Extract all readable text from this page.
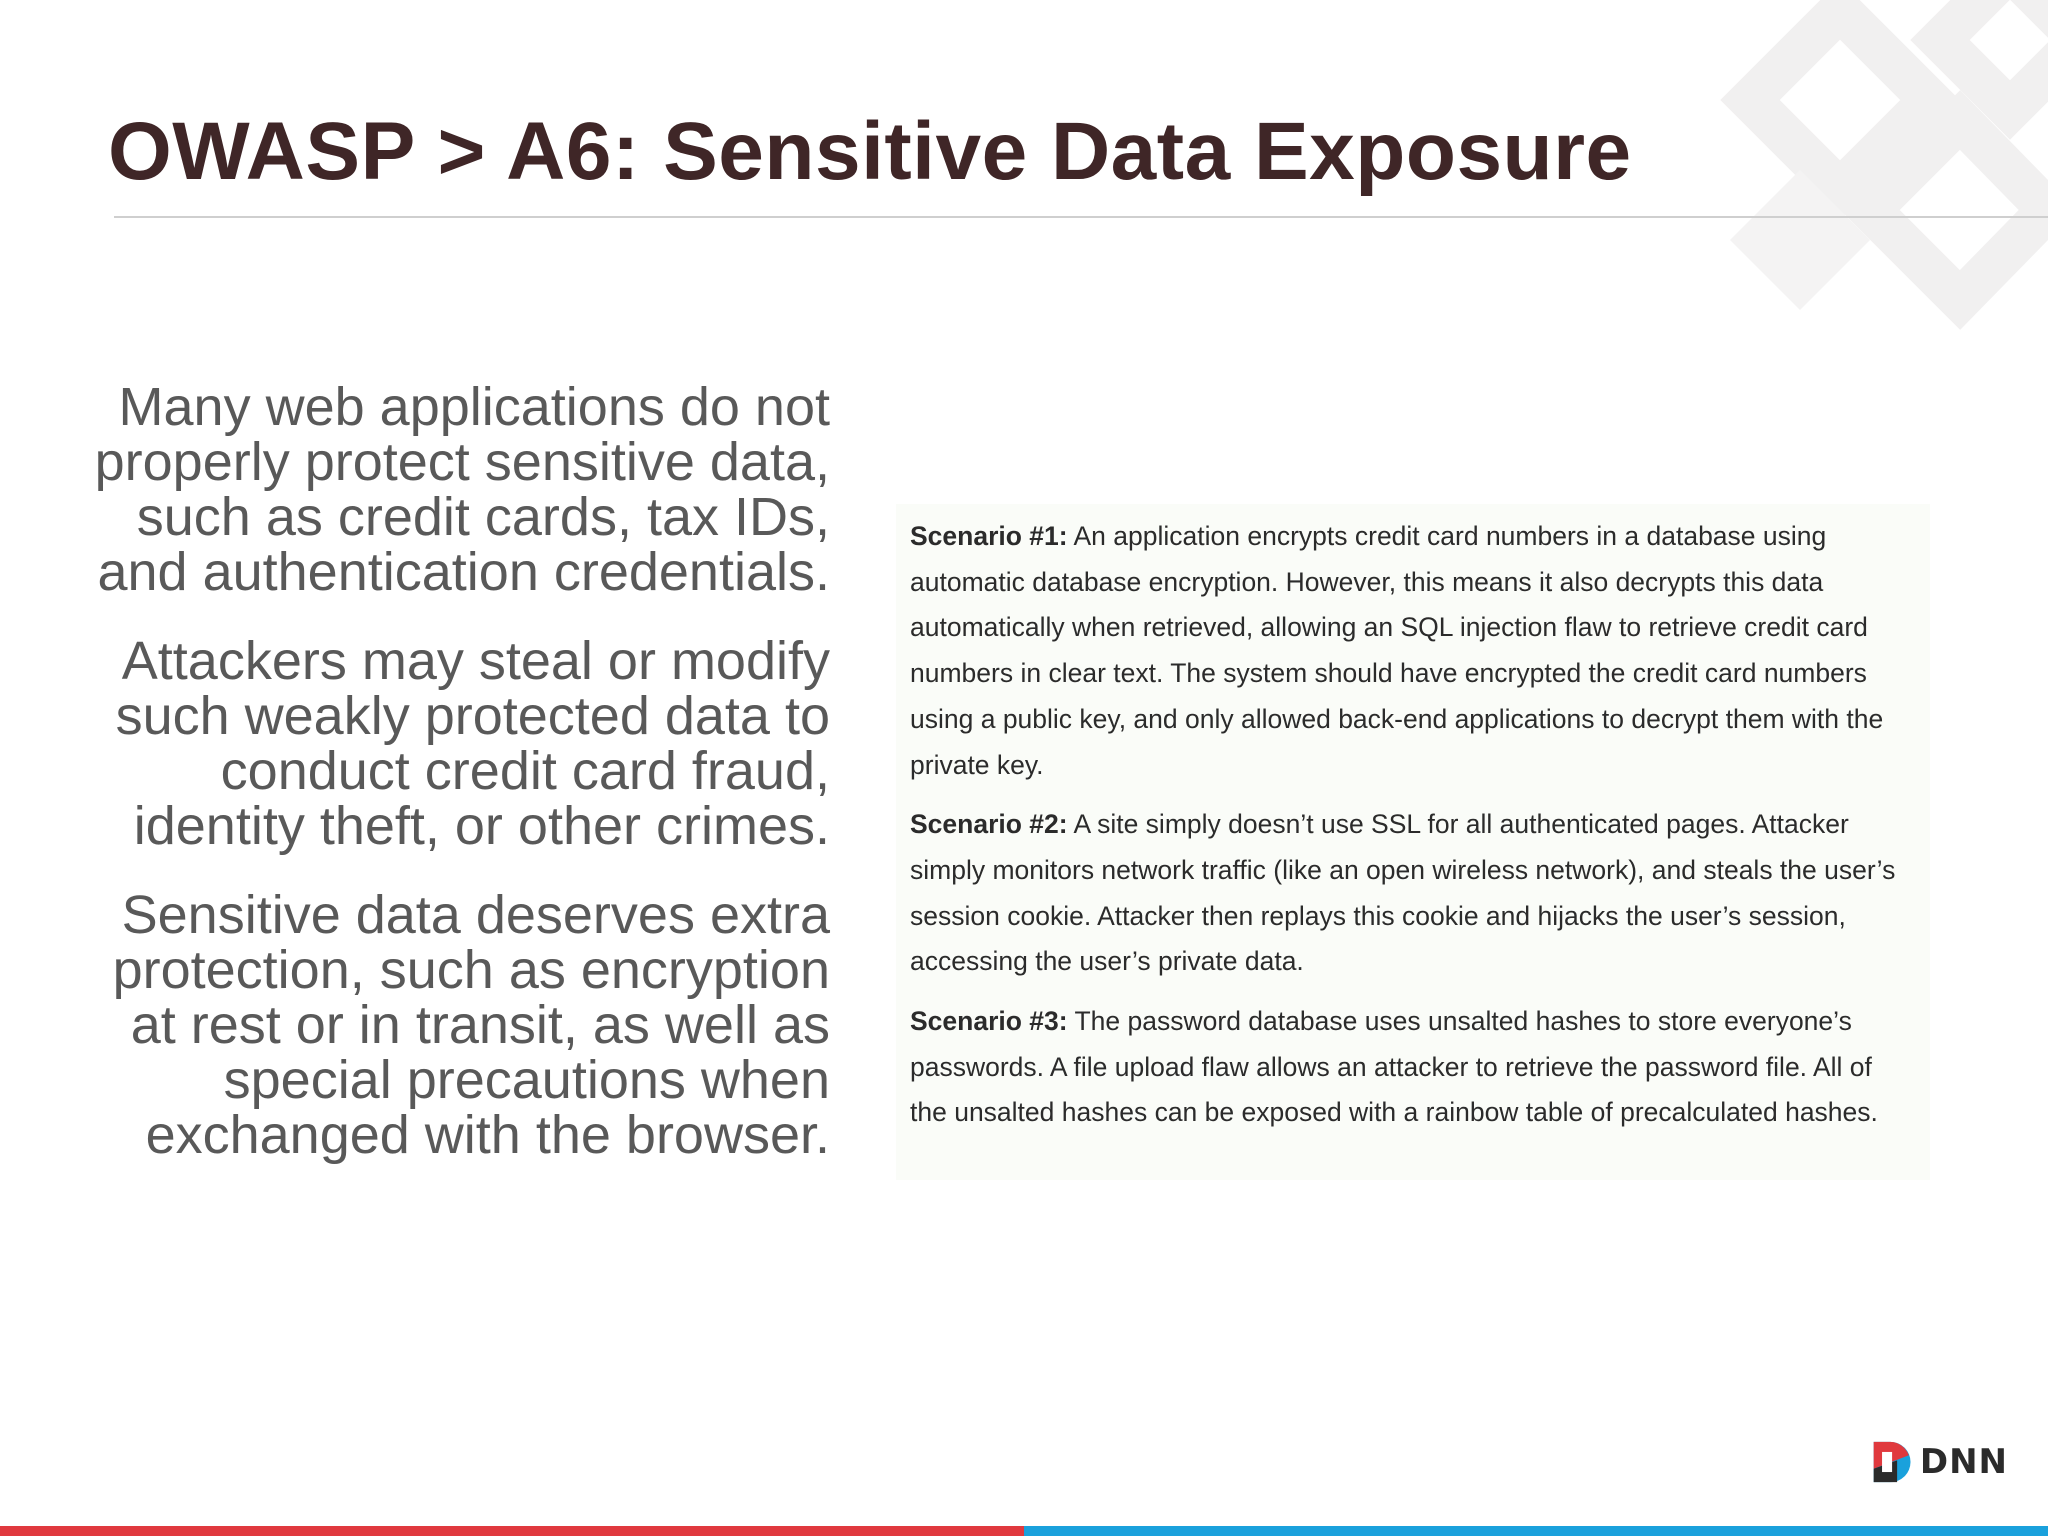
OWASP > A6: Sensitive Data Exposure

Many web applications do not properly protect sensitive data, such as credit cards, tax IDs, and authentication credentials.

Attackers may steal or modify such weakly protected data to conduct credit card fraud, identity theft, or other crimes.

Sensitive data deserves extra protection, such as encryption at rest or in transit, as well as special precautions when exchanged with the browser.

Scenario #1: An application encrypts credit card numbers in a database using automatic database encryption. However, this means it also decrypts this data automatically when retrieved, allowing an SQL injection flaw to retrieve credit card numbers in clear text. The system should have encrypted the credit card numbers using a public key, and only allowed back-end applications to decrypt them with the private key.

Scenario #2: A site simply doesn’t use SSL for all authenticated pages. Attacker simply monitors network traffic (like an open wireless network), and steals the user’s session cookie. Attacker then replays this cookie and hijacks the user’s session, accessing the user’s private data.

Scenario #3: The password database uses unsalted hashes to store everyone’s passwords. A file upload flaw allows an attacker to retrieve the password file. All of the unsalted hashes can be exposed with a rainbow table of precalculated hashes.

DNN
